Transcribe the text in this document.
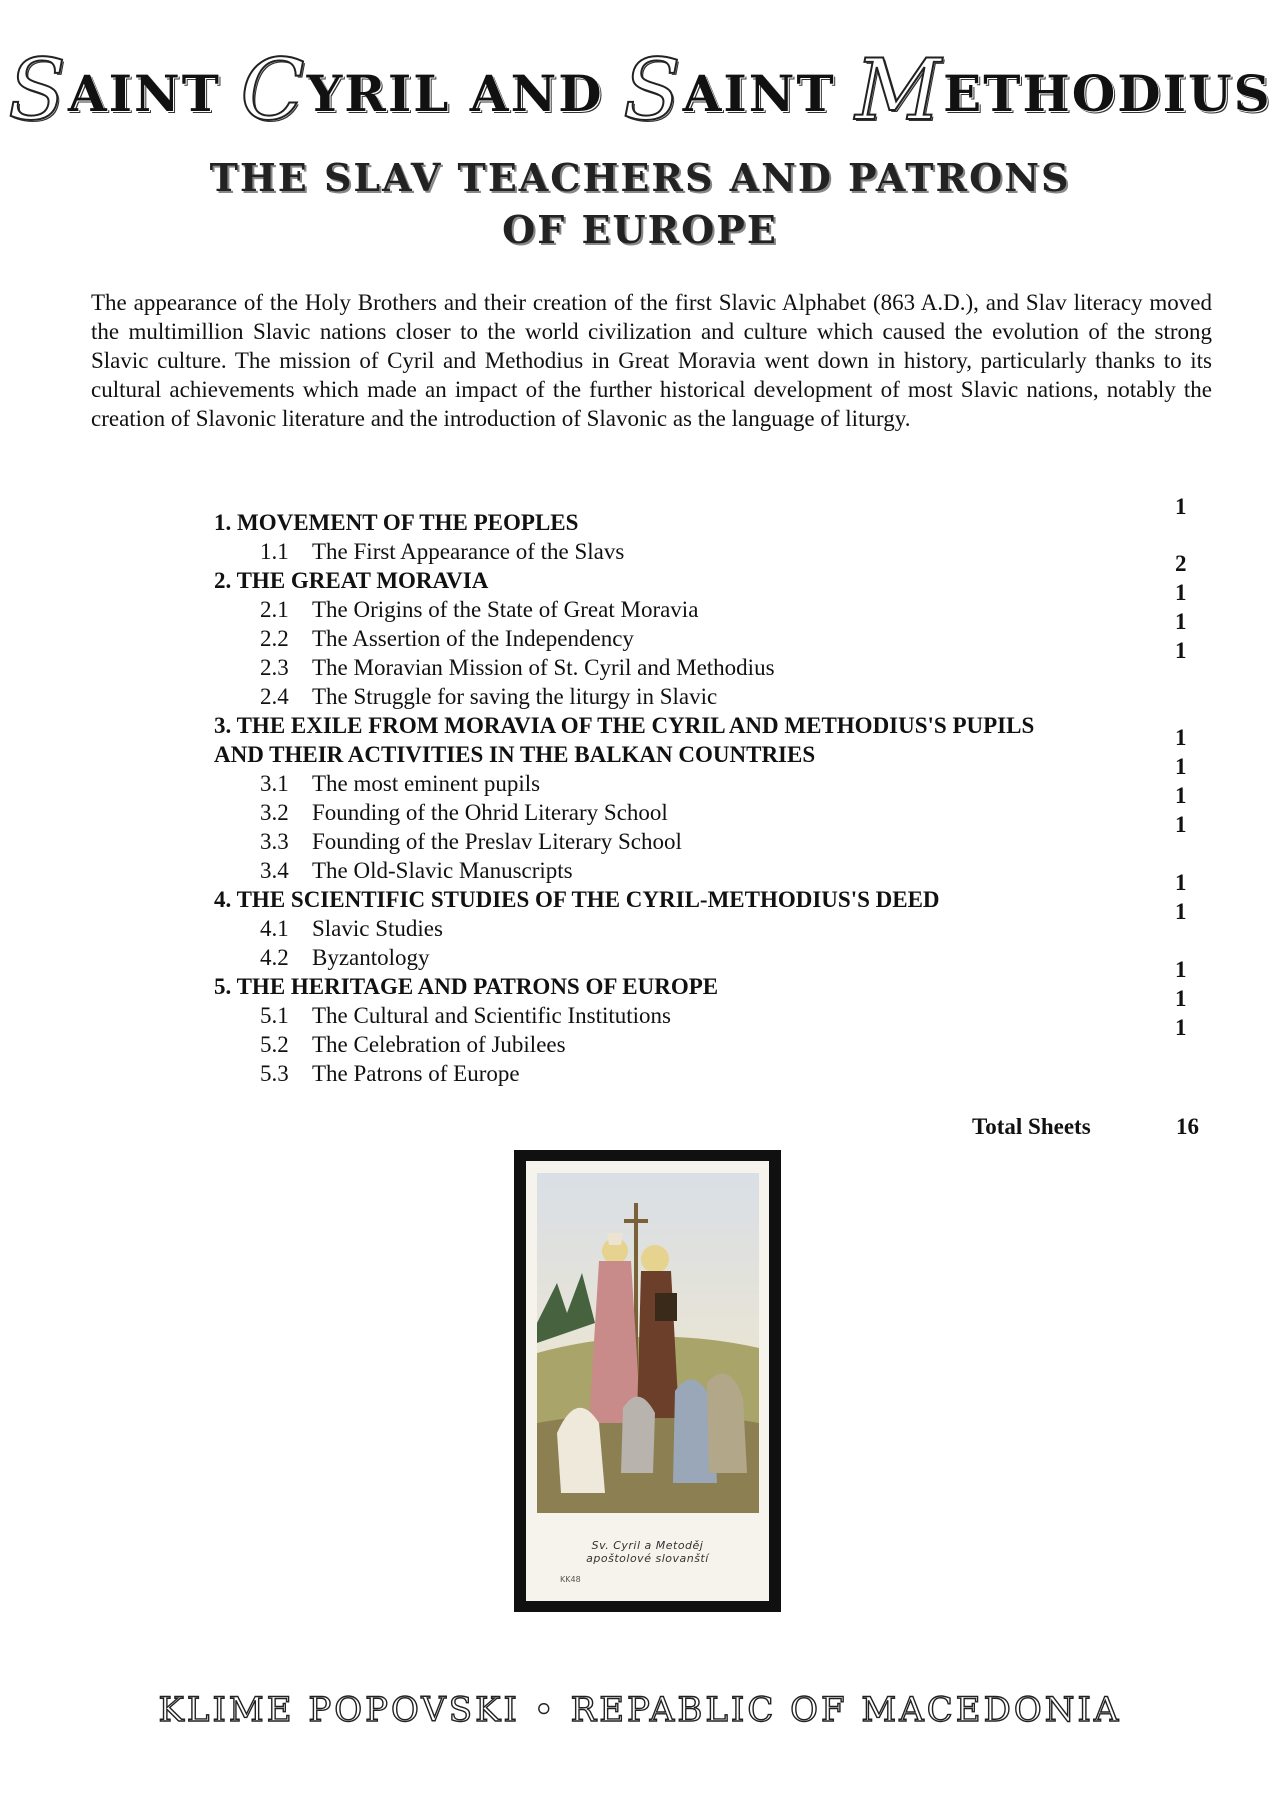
SAINT CYRIL AND SAINT METHODIUS
THE SLAV TEACHERS AND PATRONS
OF EUROPE
The appearance of the Holy Brothers and their creation of the first Slavic Alphabet (863 A.D.), and Slav literacy moved the multimillion Slavic nations closer to the world civilization and culture which caused the evolution of the strong Slavic culture. The mission of Cyril and Methodius in Great Moravia went down in history, particularly thanks to its cultural achievements which made an impact of the further historical development of most Slavic nations, notably the creation of Slavonic literature and the introduction of Slavonic as the language of liturgy.
1. MOVEMENT OF THE PEOPLES
1.1 The First Appearance of the Slavs
2. THE GREAT MORAVIA
2.1 The Origins of the State of Great Moravia
2.2 The Assertion of the Independency
2.3 The Moravian Mission of St. Cyril and Methodius
2.4 The Struggle for saving the liturgy in Slavic
3. THE EXILE FROM MORAVIA OF THE CYRIL AND METHODIUS'S PUPILS
AND THEIR ACTIVITIES IN THE BALKAN COUNTRIES
3.1 The most eminent pupils
3.2 Founding of the Ohrid Literary School
3.3 Founding of the Preslav Literary School
3.4 The Old-Slavic Manuscripts
4. THE SCIENTIFIC STUDIES OF THE CYRIL-METHODIUS'S DEED
4.1 Slavic Studies
4.2 Byzantology
5. THE HERITAGE AND PATRONS OF EUROPE
5.1 The Cultural and Scientific Institutions
5.2 The Celebration of Jubilees
5.3 The Patrons of Europe
1
2
1
1
1
1
1
1
1
1
1
1
1
1
Total Sheets	16
Sv. Cyril a Metoděj
apoštolové slovanští
KK48
KLIME POPOVSKI • REPABLIC OF MACEDONIA
